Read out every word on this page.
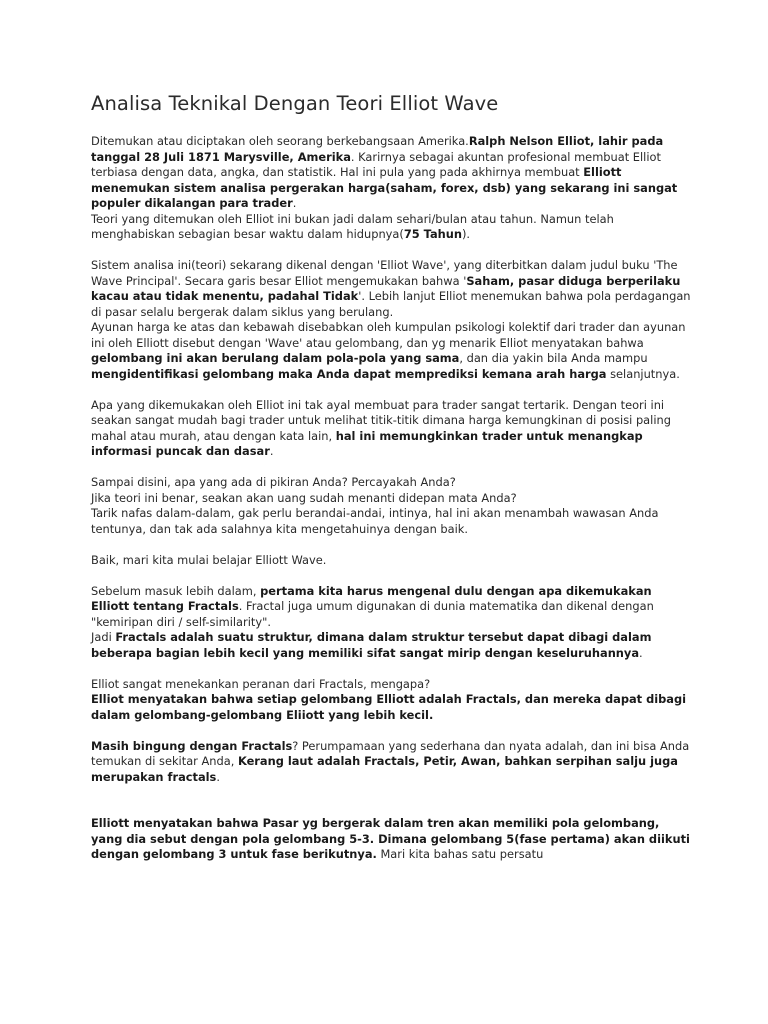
Analisa Teknikal Dengan Teori Elliot Wave

Ditemukan atau diciptakan oleh seorang berkebangsaan Amerika.Ralph Nelson Elliot, lahir pada tanggal 28 Juli 1871 Marysville, Amerika. Karirnya sebagai akuntan profesional membuat Elliot terbiasa dengan data, angka, dan statistik. Hal ini pula yang pada akhirnya membuat Elliott menemukan sistem analisa pergerakan harga(saham, forex, dsb) yang sekarang ini sangat populer dikalangan para trader.

Teori yang ditemukan oleh Elliot ini bukan jadi dalam sehari/bulan atau tahun. Namun telah menghabiskan sebagian besar waktu dalam hidupnya(75 Tahun).

Sistem analisa ini(teori) sekarang dikenal dengan 'Elliot Wave', yang diterbitkan dalam judul buku 'The Wave Principal'. Secara garis besar Elliot mengemukakan bahwa 'Saham, pasar diduga berperilaku kacau atau tidak menentu, padahal Tidak'. Lebih lanjut Elliot menemukan bahwa pola perdagangan di pasar selalu bergerak dalam siklus yang berulang.

Ayunan harga ke atas dan kebawah disebabkan oleh kumpulan psikologi kolektif dari trader dan ayunan ini oleh Elliott disebut dengan 'Wave' atau gelombang, dan yg menarik Elliot menyatakan bahwa gelombang ini akan berulang dalam pola-pola yang sama, dan dia yakin bila Anda mampu mengidentifikasi gelombang maka Anda dapat memprediksi kemana arah harga selanjutnya.

Apa yang dikemukakan oleh Elliot ini tak ayal membuat para trader sangat tertarik. Dengan teori ini seakan sangat mudah bagi trader untuk melihat titik-titik dimana harga kemungkinan di posisi paling mahal atau murah, atau dengan kata lain, hal ini memungkinkan trader untuk menangkap informasi puncak dan dasar.

Sampai disini, apa yang ada di pikiran Anda? Percayakah Anda?

Jika teori ini benar, seakan akan uang sudah menanti didepan mata Anda?

Tarik nafas dalam-dalam, gak perlu berandai-andai, intinya, hal ini akan menambah wawasan Anda tentunya, dan tak ada salahnya kita mengetahuinya dengan baik.

Baik, mari kita mulai belajar Elliott Wave.

Sebelum masuk lebih dalam, pertama kita harus mengenal dulu dengan apa dikemukakan Elliott tentang Fractals. Fractal juga umum digunakan di dunia matematika dan dikenal dengan "kemiripan diri / self-similarity".

Jadi Fractals adalah suatu struktur, dimana dalam struktur tersebut dapat dibagi dalam beberapa bagian lebih kecil yang memiliki sifat sangat mirip dengan keseluruhannya.

Elliot sangat menekankan peranan dari Fractals, mengapa?

Elliot menyatakan bahwa setiap gelombang Elliott adalah Fractals, dan mereka dapat dibagi dalam gelombang-gelombang Eliiott yang lebih kecil.

Masih bingung dengan Fractals? Perumpamaan yang sederhana dan nyata adalah, dan ini bisa Anda temukan di sekitar Anda, Kerang laut adalah Fractals, Petir, Awan, bahkan serpihan salju juga merupakan fractals.

Elliott menyatakan bahwa Pasar yg bergerak dalam tren akan memiliki pola gelombang, yang dia sebut dengan pola gelombang 5-3. Dimana gelombang 5(fase pertama) akan diikuti dengan gelombang 3 untuk fase berikutnya. Mari kita bahas satu persatu
